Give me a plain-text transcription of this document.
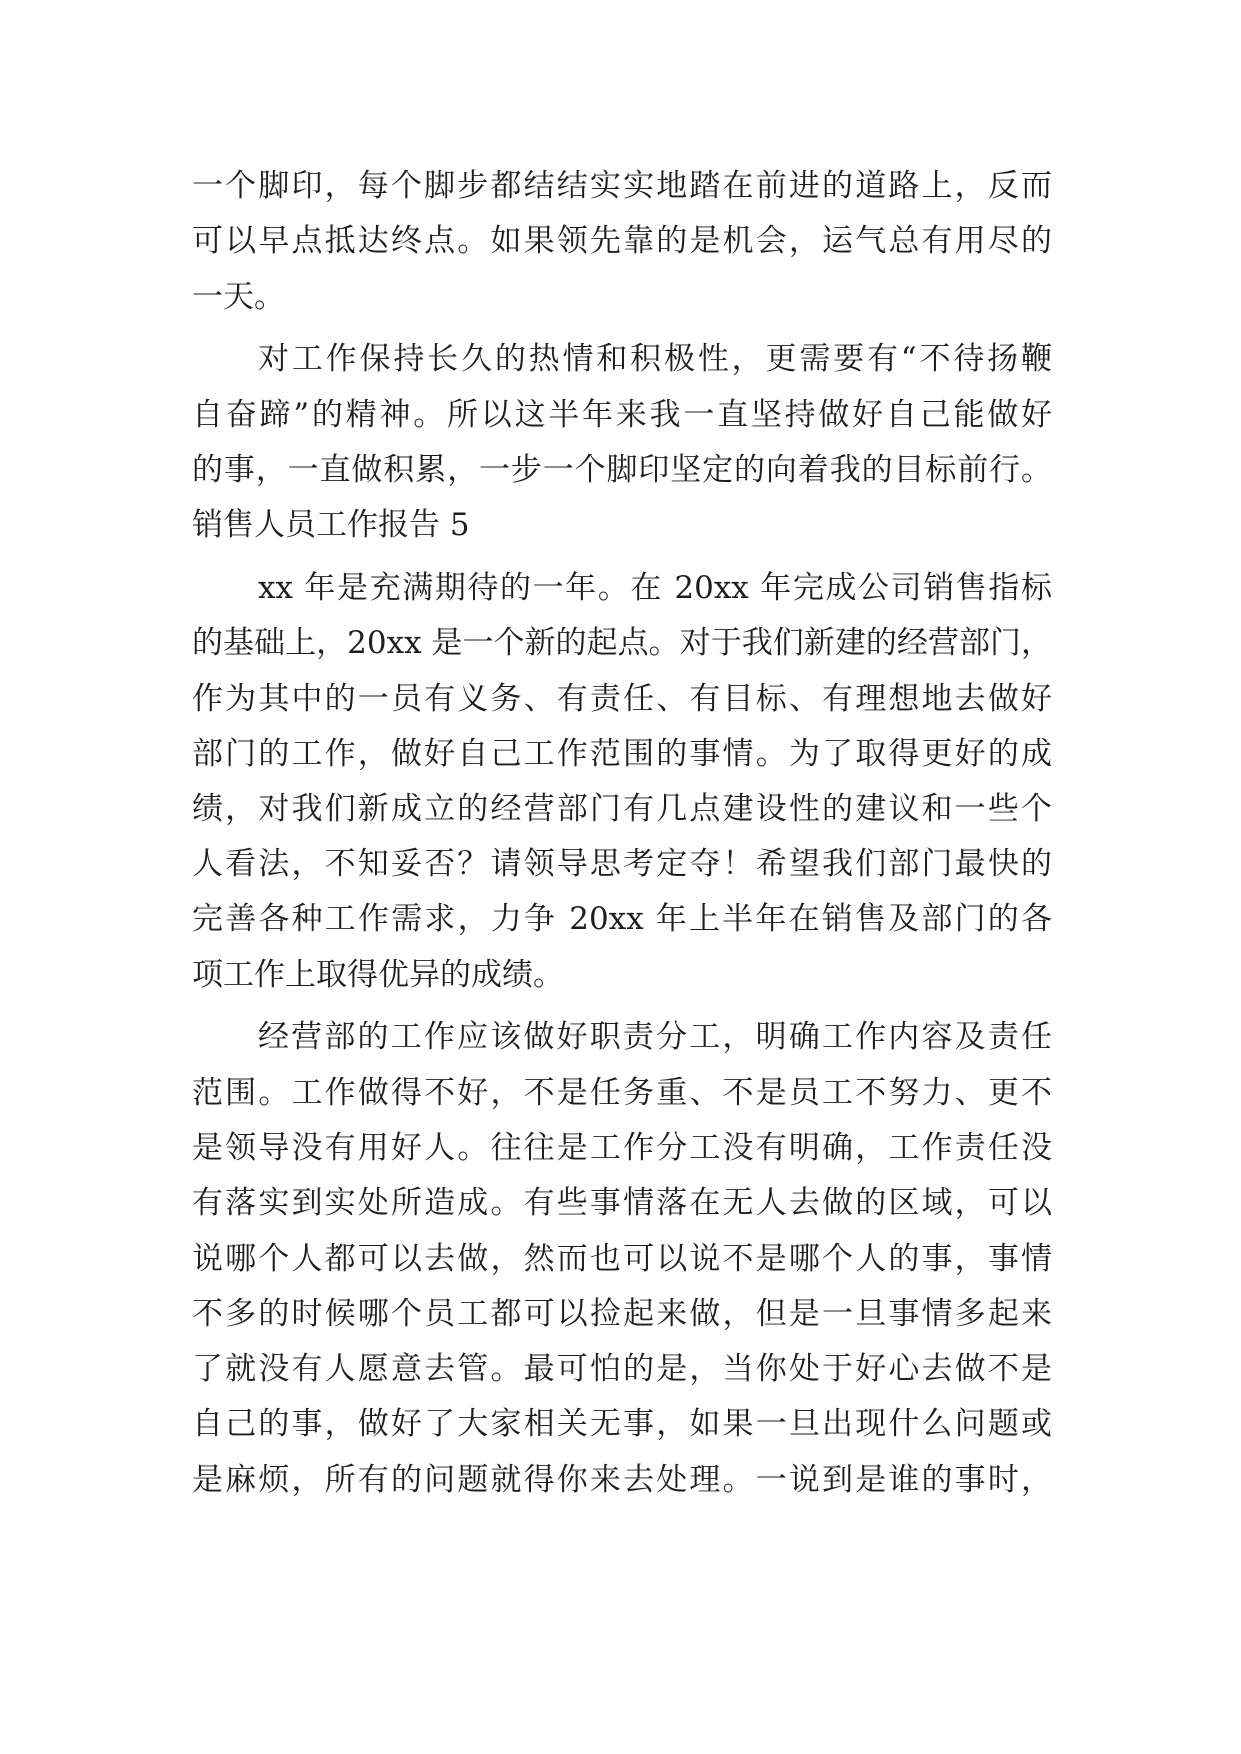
一个脚印，每个脚步都结结实实地踏在前进的道路上，反而
可以早点抵达终点。如果领先靠的是机会，运气总有用尽的
一天。
对工作保持长久的热情和积极性，更需要有“不待扬鞭
自奋蹄”的精神。所以这半年来我一直坚持做好自己能做好
的事，一直做积累，一步一个脚印坚定的向着我的目标前行。
销售人员工作报告 5
xx 年是充满期待的一年。在 20xx 年完成公司销售指标
的基础上，20xx 是一个新的起点。对于我们新建的经营部门，
作为其中的一员有义务、有责任、有目标、有理想地去做好
部门的工作，做好自己工作范围的事情。为了取得更好的成
绩，对我们新成立的经营部门有几点建设性的建议和一些个
人看法，不知妥否？请领导思考定夺！希望我们部门最快的
完善各种工作需求，力争 20xx 年上半年在销售及部门的各
项工作上取得优异的成绩。
经营部的工作应该做好职责分工，明确工作内容及责任
范围。工作做得不好，不是任务重、不是员工不努力、更不
是领导没有用好人。往往是工作分工没有明确，工作责任没
有落实到实处所造成。有些事情落在无人去做的区域，可以
说哪个人都可以去做，然而也可以说不是哪个人的事，事情
不多的时候哪个员工都可以捡起来做，但是一旦事情多起来
了就没有人愿意去管。最可怕的是，当你处于好心去做不是
自己的事，做好了大家相关无事，如果一旦出现什么问题或
是麻烦，所有的问题就得你来去处理。一说到是谁的事时，
